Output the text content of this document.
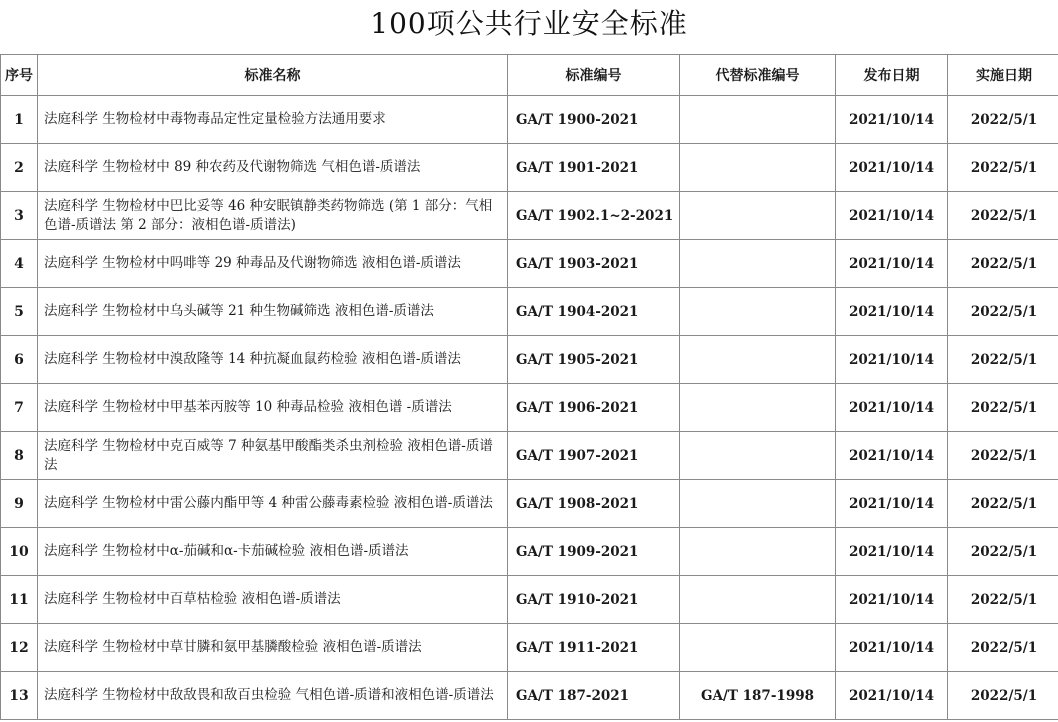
100项公共行业安全标准
序号	标准名称	标准编号	代替标准编号	发布日期	实施日期
1	法庭科学 生物检材中毒物毒品定性定量检验方法通用要求	GA/T 1900-2021		2021/10/14	2022/5/1
2	法庭科学 生物检材中 89 种农药及代谢物筛选 气相色谱-质谱法	GA/T 1901-2021		2021/10/14	2022/5/1
3	法庭科学 生物检材中巴比妥等 46 种安眠镇静类药物筛选 (第 1 部分：气相色谱-质谱法 第 2 部分：液相色谱-质谱法)	GA/T 1902.1~2-2021		2021/10/14	2022/5/1
4	法庭科学 生物检材中吗啡等 29 种毒品及代谢物筛选 液相色谱-质谱法	GA/T 1903-2021		2021/10/14	2022/5/1
5	法庭科学 生物检材中乌头碱等 21 种生物碱筛选 液相色谱-质谱法	GA/T 1904-2021		2021/10/14	2022/5/1
6	法庭科学 生物检材中溴敌隆等 14 种抗凝血鼠药检验 液相色谱-质谱法	GA/T 1905-2021		2021/10/14	2022/5/1
7	法庭科学 生物检材中甲基苯丙胺等 10 种毒品检验 液相色谱 -质谱法	GA/T 1906-2021		2021/10/14	2022/5/1
8	法庭科学 生物检材中克百威等 7 种氨基甲酸酯类杀虫剂检验 液相色谱-质谱法	GA/T 1907-2021		2021/10/14	2022/5/1
9	法庭科学 生物检材中雷公藤内酯甲等 4 种雷公藤毒素检验 液相色谱-质谱法	GA/T 1908-2021		2021/10/14	2022/5/1
10	法庭科学 生物检材中α-茄碱和α-卡茄碱检验 液相色谱-质谱法	GA/T 1909-2021		2021/10/14	2022/5/1
11	法庭科学 生物检材中百草枯检验 液相色谱-质谱法	GA/T 1910-2021		2021/10/14	2022/5/1
12	法庭科学 生物检材中草甘膦和氨甲基膦酸检验 液相色谱-质谱法	GA/T 1911-2021		2021/10/14	2022/5/1
13	法庭科学 生物检材中敌敌畏和敌百虫检验 气相色谱-质谱和液相色谱-质谱法	GA/T 187-2021	GA/T 187-1998	2021/10/14	2022/5/1
